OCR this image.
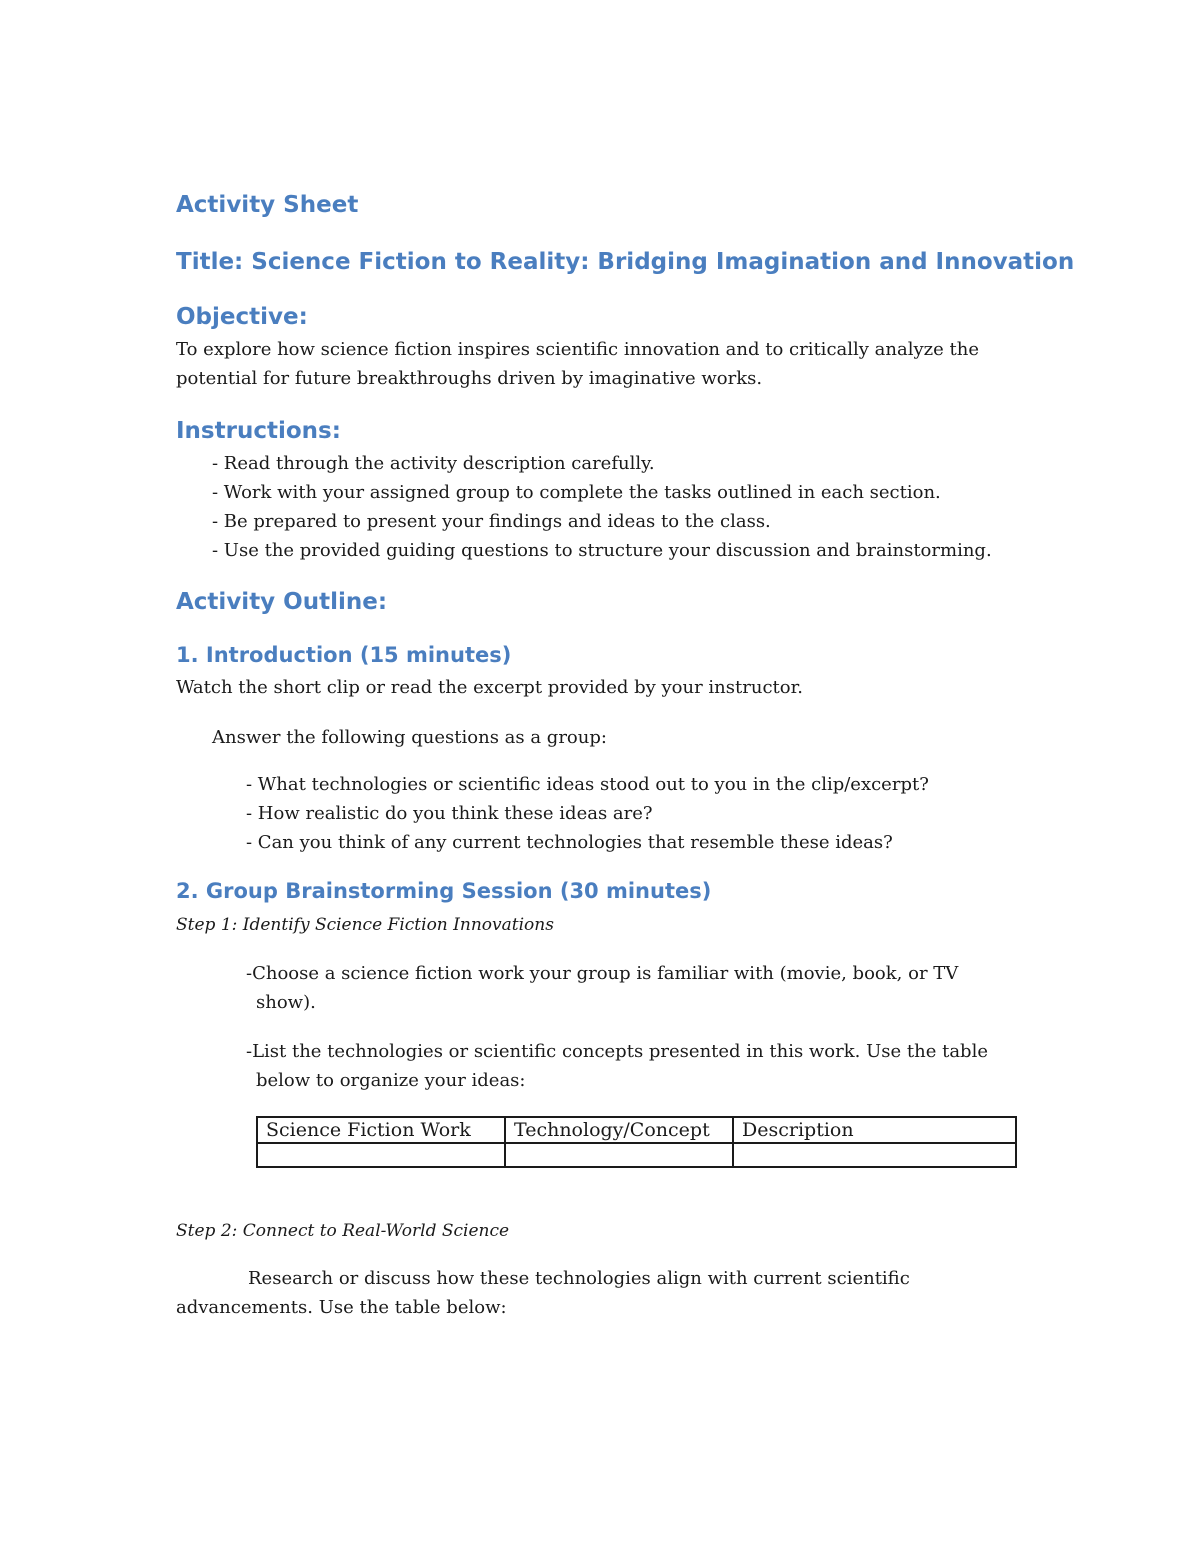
Activity Sheet
Title: Science Fiction to Reality: Bridging Imagination and Innovation
Objective:
To explore how science fiction inspires scientific innovation and to critically analyze the
potential for future breakthroughs driven by imaginative works.
Instructions:
- Read through the activity description carefully.
- Work with your assigned group to complete the tasks outlined in each section.
- Be prepared to present your findings and ideas to the class.
- Use the provided guiding questions to structure your discussion and brainstorming.
Activity Outline:
1. Introduction (15 minutes)
Watch the short clip or read the excerpt provided by your instructor.
Answer the following questions as a group:
- What technologies or scientific ideas stood out to you in the clip/excerpt?
- How realistic do you think these ideas are?
- Can you think of any current technologies that resemble these ideas?
2. Group Brainstorming Session (30 minutes)
Step 1: Identify Science Fiction Innovations
-Choose a science fiction work your group is familiar with (movie, book, or TV
show).
-List the technologies or scientific concepts presented in this work. Use the table
below to organize your ideas:
Science Fiction Work	Technology/Concept	Description

Step 2: Connect to Real-World Science
Research or discuss how these technologies align with current scientific
advancements. Use the table below:
